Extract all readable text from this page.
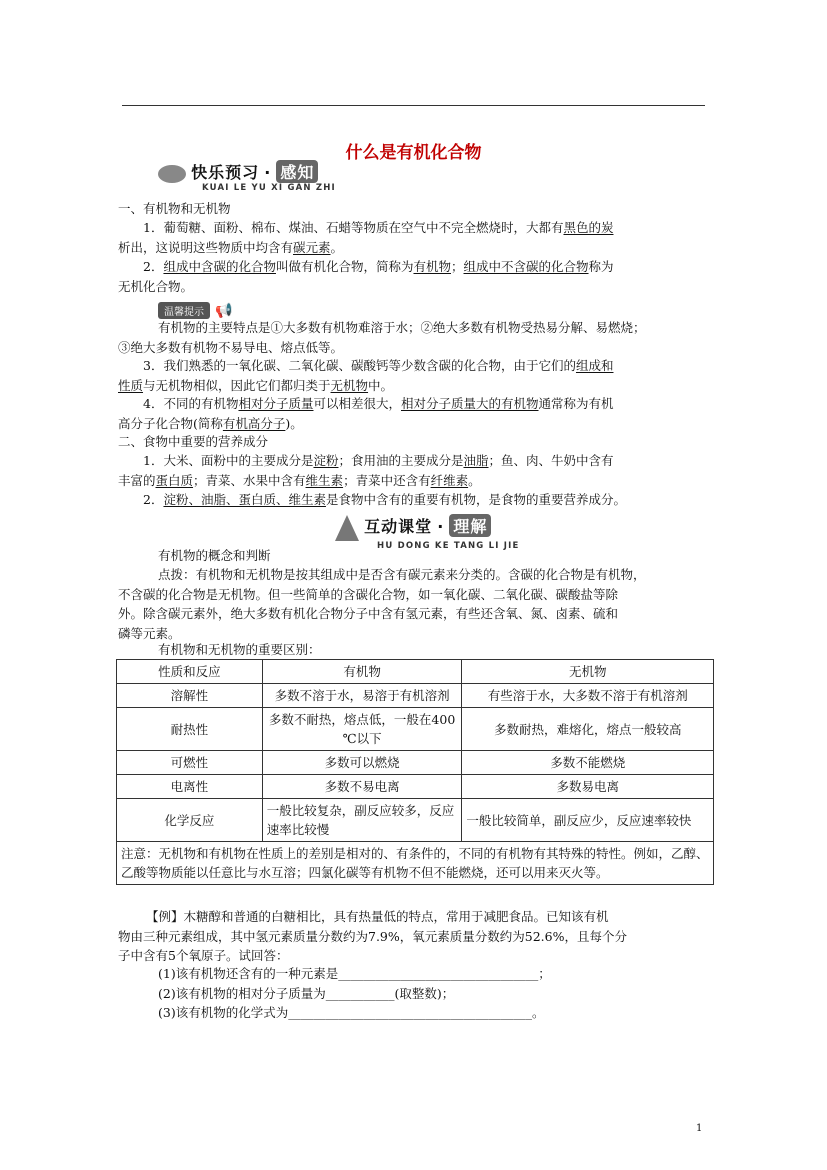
什么是有机化合物
快乐预习 · 感知
KUAI LE YU XI GAN ZHI

一、有机物和无机物

1．葡萄糖、面粉、棉布、煤油、石蜡等物质在空气中不完全燃烧时，大都有黑色的炭
析出，这说明这些物质中均含有碳元素。

2．组成中含碳的化合物叫做有机化合物，简称为有机物；组成中不含碳的化合物称为
无机化合物。

温馨提示 📢

有机物的主要特点是①大多数有机物难溶于水；②绝大多数有机物受热易分解、易燃烧；
③绝大多数有机物不易导电、熔点低等。

3．我们熟悉的一氧化碳、二氧化碳、碳酸钙等少数含碳的化合物，由于它们的组成和
性质与无机物相似，因此它们都归类于无机物中。

4．不同的有机物相对分子质量可以相差很大，相对分子质量大的有机物通常称为有机
高分子化合物(简称有机高分子)。

二、食物中重要的营养成分

1．大米、面粉中的主要成分是淀粉；食用油的主要成分是油脂；鱼、肉、牛奶中含有
丰富的蛋白质；青菜、水果中含有维生素；青菜中还含有纤维素。

2．淀粉、油脂、蛋白质、维生素是食物中含有的重要有机物，是食物的重要营养成分。

互动课堂 · 理解
HU DONG KE TANG LI JIE

有机物的概念和判断

点拨：有机物和无机物是按其组成中是否含有碳元素来分类的。含碳的化合物是有机物，
不含碳的化合物是无机物。但一些简单的含碳化合物，如一氧化碳、二氧化碳、碳酸盐等除
外。除含碳元素外，绝大多数有机化合物分子中含有氢元素，有些还含氧、氮、卤素、硫和
磷等元素。

有机物和无机物的重要区别：

性质和反应	有机物	无机物
溶解性	多数不溶于水，易溶于有机溶剂	有些溶于水，大多数不溶于有机溶剂
耐热性	多数不耐热，熔点低，一般在400 ℃以下	多数耐热，难熔化，熔点一般较高
可燃性	多数可以燃烧	多数不能燃烧
电离性	多数不易电离	多数易电离
化学反应	一般比较复杂，副反应较多，反应速率比较慢	一般比较简单，副反应少，反应速率较快
注意：无机物和有机物在性质上的差别是相对的、有条件的，不同的有机物有其特殊的特性。例如，乙醇、乙酸等物质能以任意比与水互溶；四氯化碳等有机物不但不能燃烧，还可以用来灭火等。		

【例】木糖醇和普通的白糖相比，具有热量低的特点，常用于减肥食品。已知该有机
物由三种元素组成，其中氢元素质量分数约为7.9%，氧元素质量分数约为52.6%，且每个分
子中含有5个氧原子。试回答：

(1)该有机物还含有的一种元素是________________________________；
(2)该有机物的相对分子质量为___________(取整数)；
(3)该有机物的化学式为_______________________________________。

1
